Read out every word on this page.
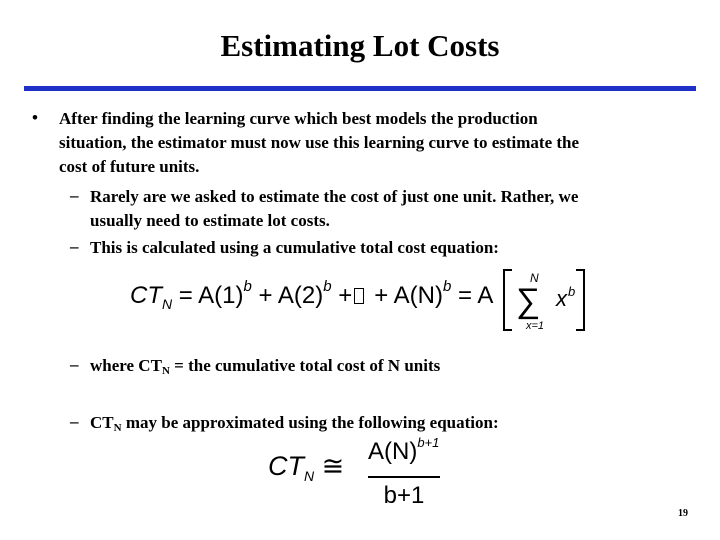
Estimating Lot Costs
• After finding the learning curve which best models the production
situation, the estimator must now use this learning curve to estimate the
cost of future units.
– Rarely are we asked to estimate the cost of just one unit. Rather, we
usually need to estimate lot costs.
– This is calculated using a cumulative total cost equation:
$CT_N = A(1)^b + A(2)^b$ + + $A(N)^b = A$
N
∑
x=1
x b
– where $CT_N$ = the cumulative total cost of N units
– $CT_N$ may be approximated using the following equation:
$CT_N$ ≅ $A(N)^{b+1}$
b+1
19
